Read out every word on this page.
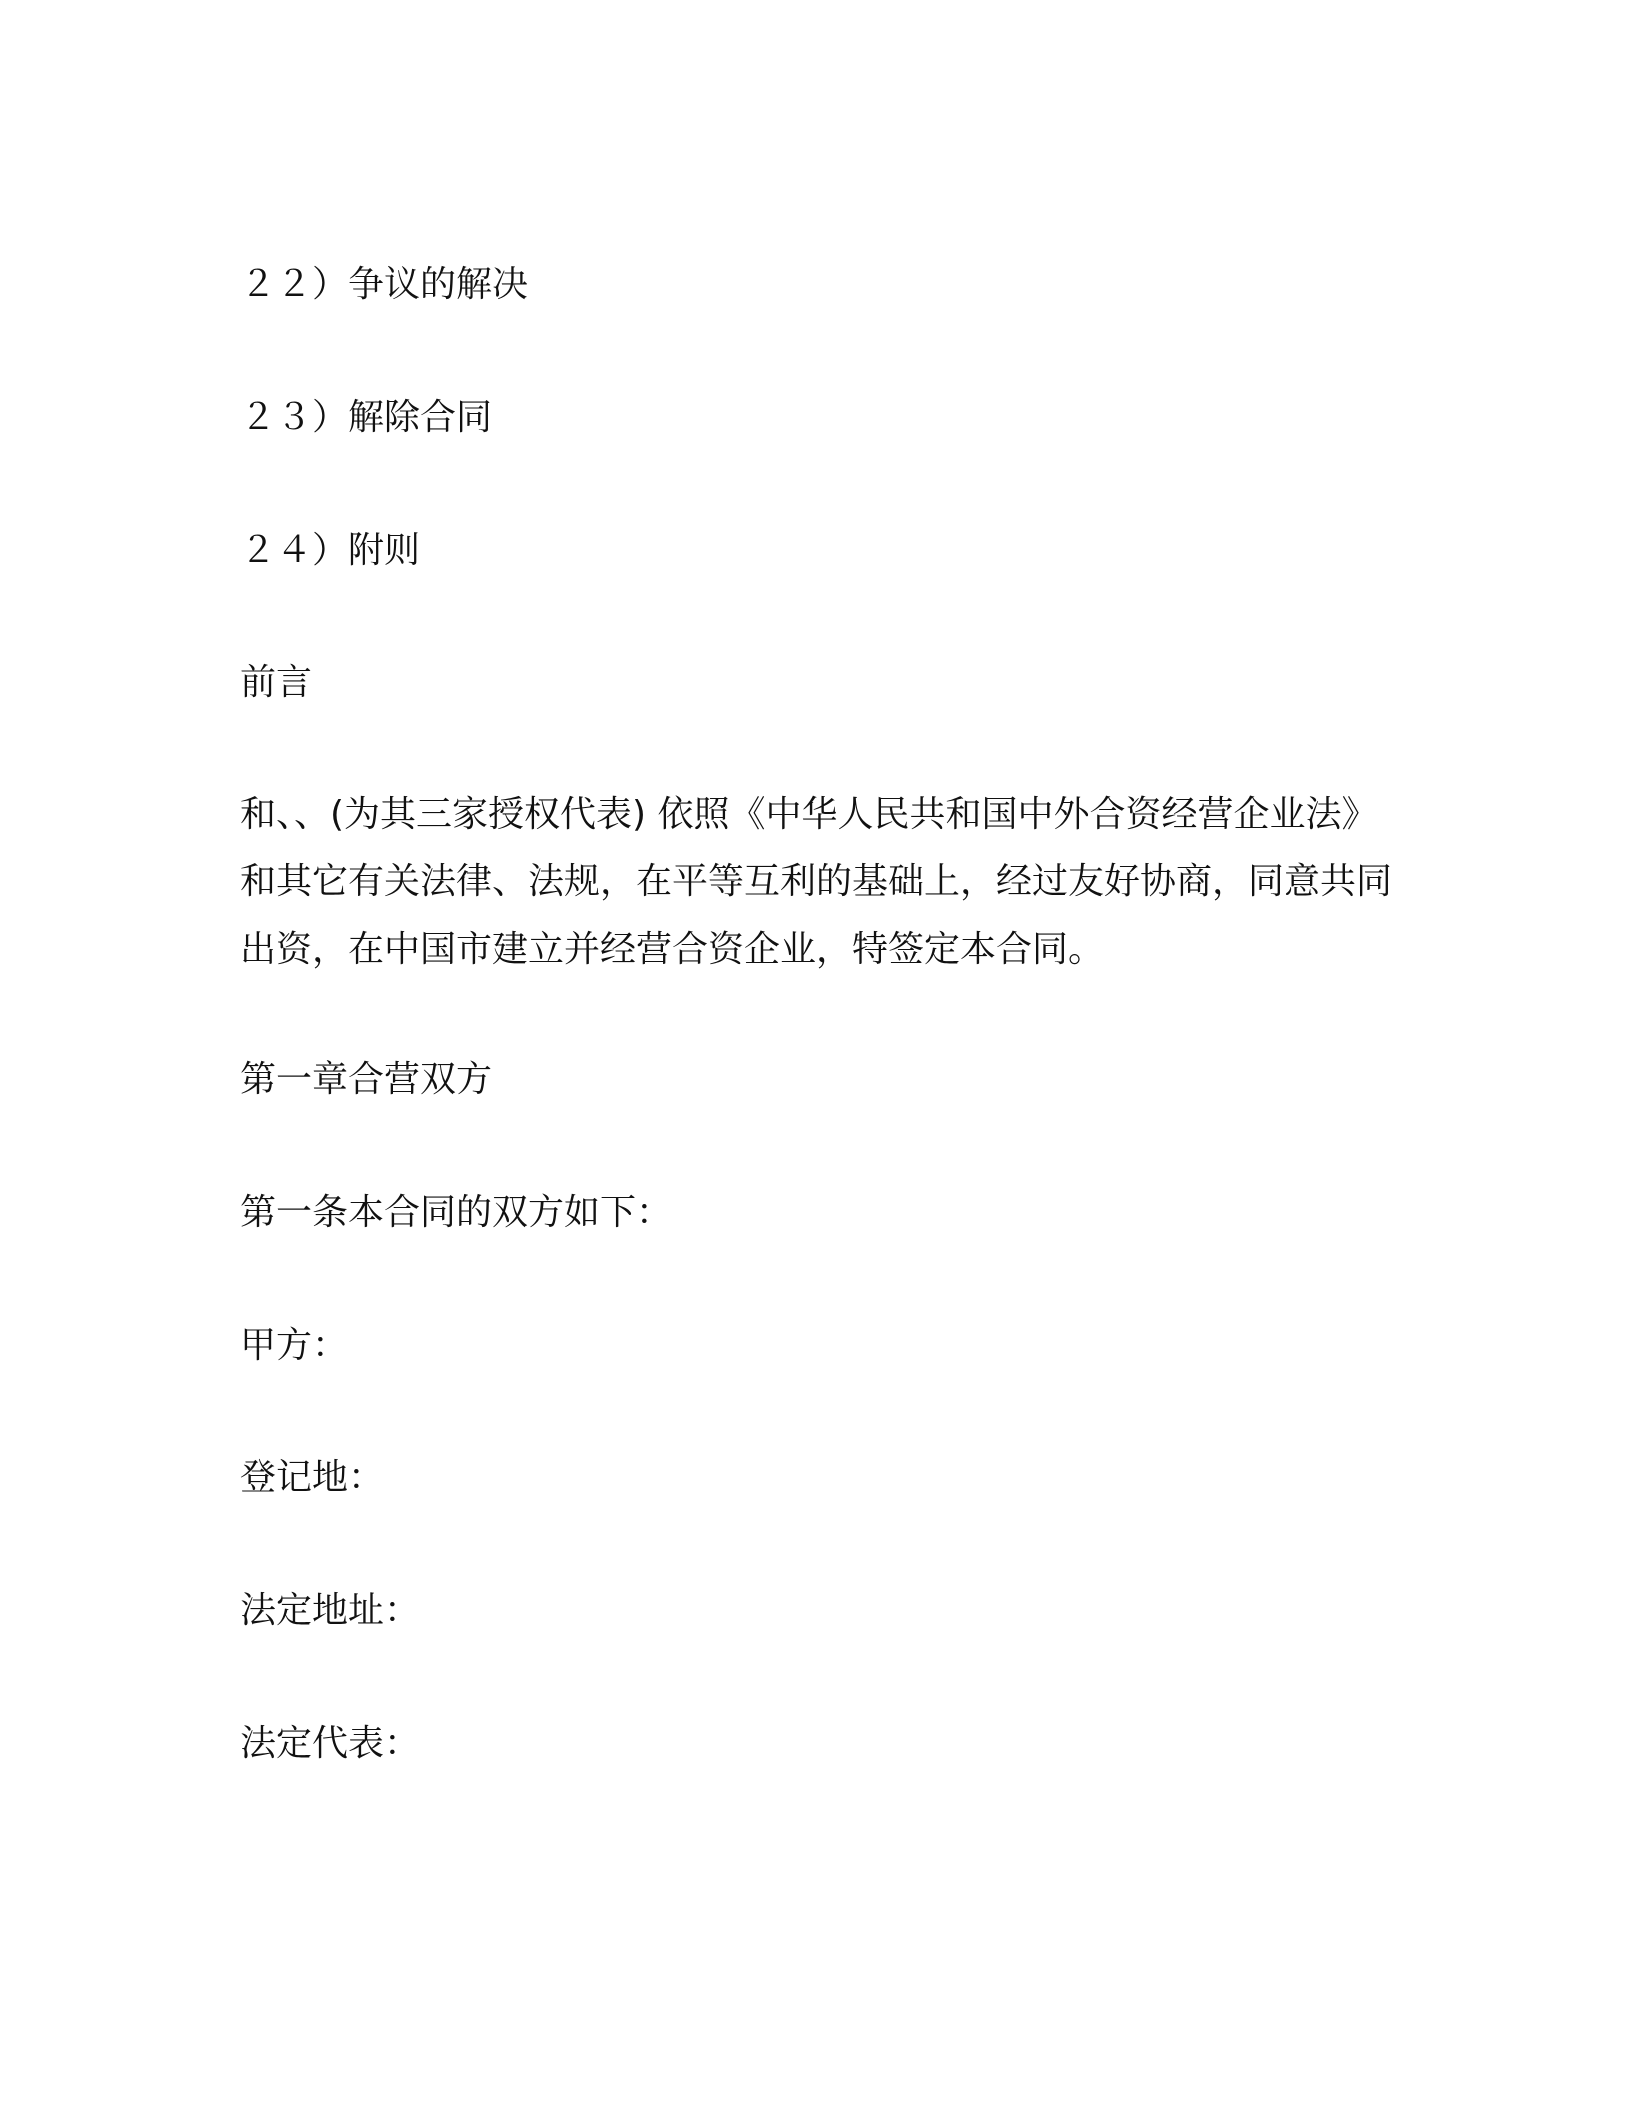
２２）争议的解决

２３）解除合同

２４）附则

前言

和、、(为其三家授权代表) 依照《中华人民共和国中外合资经营企业法》和其它有关法律、法规，在平等互利的基础上，经过友好协商，同意共同出资，在中国市建立并经营合资企业，特签定本合同。

第一章合营双方

第一条本合同的双方如下：

甲方：

登记地：

法定地址：

法定代表：
